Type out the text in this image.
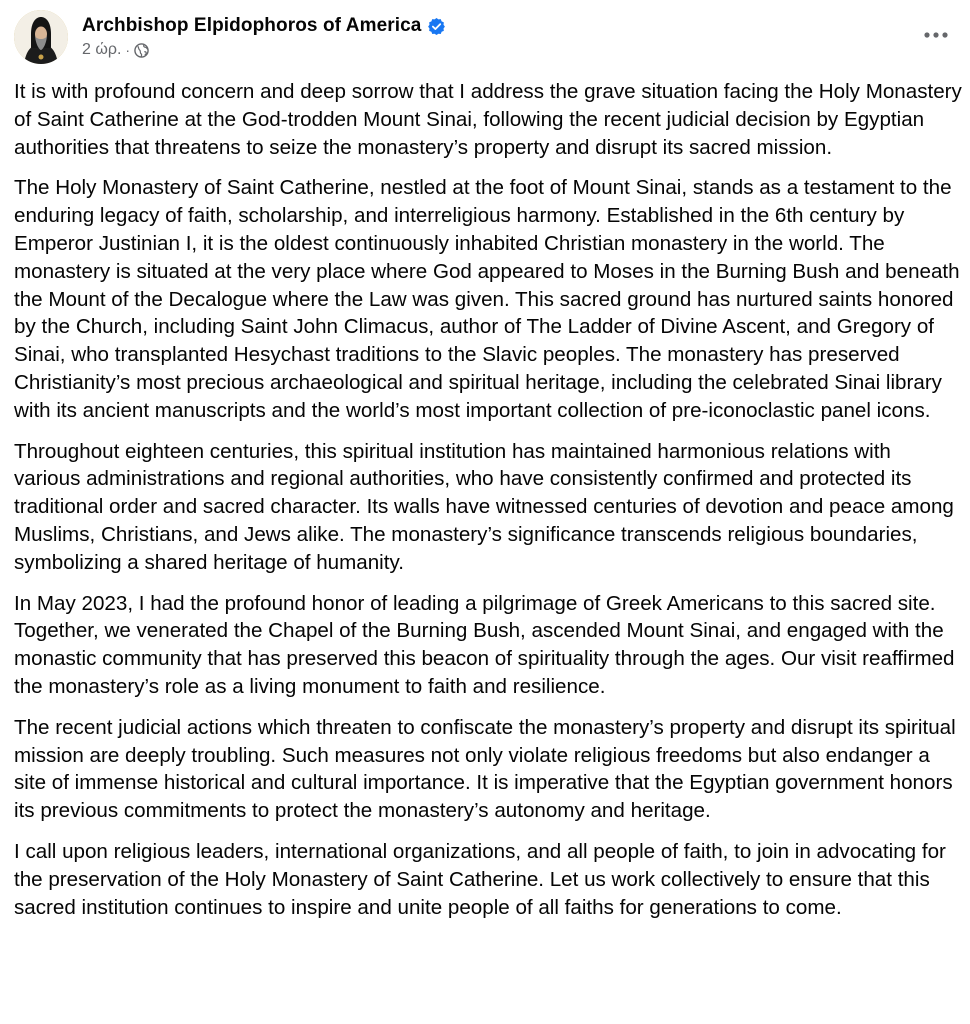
Archbishop Elpidophoros of America
2 ώρ. ·

It is with profound concern and deep sorrow that I address the grave situation facing the Holy Monastery of Saint Catherine at the God-trodden Mount Sinai, following the recent judicial decision by Egyptian authorities that threatens to seize the monastery’s property and disrupt its sacred mission.

The Holy Monastery of Saint Catherine, nestled at the foot of Mount Sinai, stands as a testament to the enduring legacy of faith, scholarship, and interreligious harmony. Established in the 6th century by Emperor Justinian I, it is the oldest continuously inhabited Christian monastery in the world. The monastery is situated at the very place where God appeared to Moses in the Burning Bush and beneath the Mount of the Decalogue where the Law was given. This sacred ground has nurtured saints honored by the Church, including Saint John Climacus, author of The Ladder of Divine Ascent, and Gregory of Sinai, who transplanted Hesychast traditions to the Slavic peoples. The monastery has preserved Christianity’s most precious archaeological and spiritual heritage, including the celebrated Sinai library with its ancient manuscripts and the world’s most important collection of pre-iconoclastic panel icons.

Throughout eighteen centuries, this spiritual institution has maintained harmonious relations with various administrations and regional authorities, who have consistently confirmed and protected its traditional order and sacred character. Its walls have witnessed centuries of devotion and peace among Muslims, Christians, and Jews alike. The monastery’s significance transcends religious boundaries, symbolizing a shared heritage of humanity.

In May 2023, I had the profound honor of leading a pilgrimage of Greek Americans to this sacred site. Together, we venerated the Chapel of the Burning Bush, ascended Mount Sinai, and engaged with the monastic community that has preserved this beacon of spirituality through the ages. Our visit reaffirmed the monastery’s role as a living monument to faith and resilience.

The recent judicial actions which threaten to confiscate the monastery’s property and disrupt its spiritual mission are deeply troubling. Such measures not only violate religious freedoms but also endanger a site of immense historical and cultural importance. It is imperative that the Egyptian government honors its previous commitments to protect the monastery’s autonomy and heritage.

I call upon religious leaders, international organizations, and all people of faith, to join in advocating for the preservation of the Holy Monastery of Saint Catherine. Let us work collectively to ensure that this sacred institution continues to inspire and unite people of all faiths for generations to come.
